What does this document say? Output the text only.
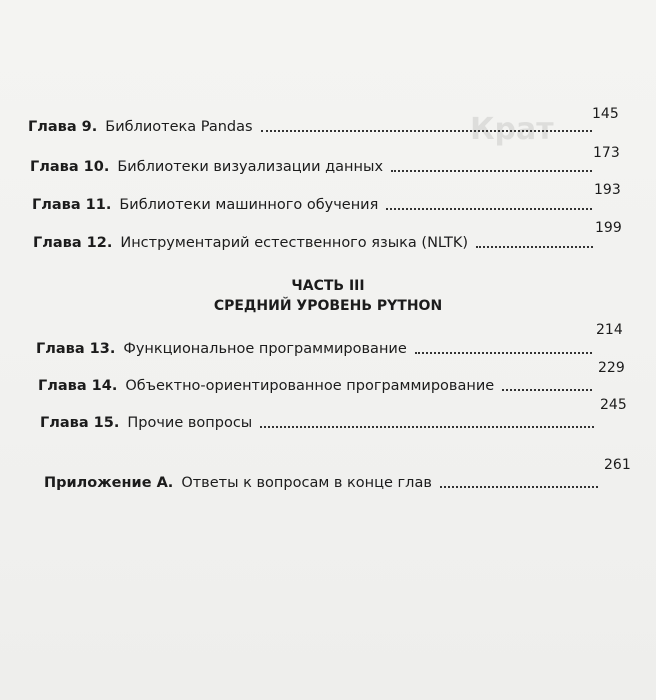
Крат
Глава 9. Библиотека Pandas
145
Глава 10. Библиотеки визуализации данных
173
Глава 11. Библиотеки машинного обучения
193
Глава 12. Инструментарий естественного языка (NLTK)
199
ЧАСТЬ III
СРЕДНИЙ УРОВЕНЬ PYTHON
Глава 13. Функциональное программирование
214
Глава 14. Объектно-ориентированное программирование
229
Глава 15. Прочие вопросы
245
Приложение А. Ответы к вопросам в конце глав
261
